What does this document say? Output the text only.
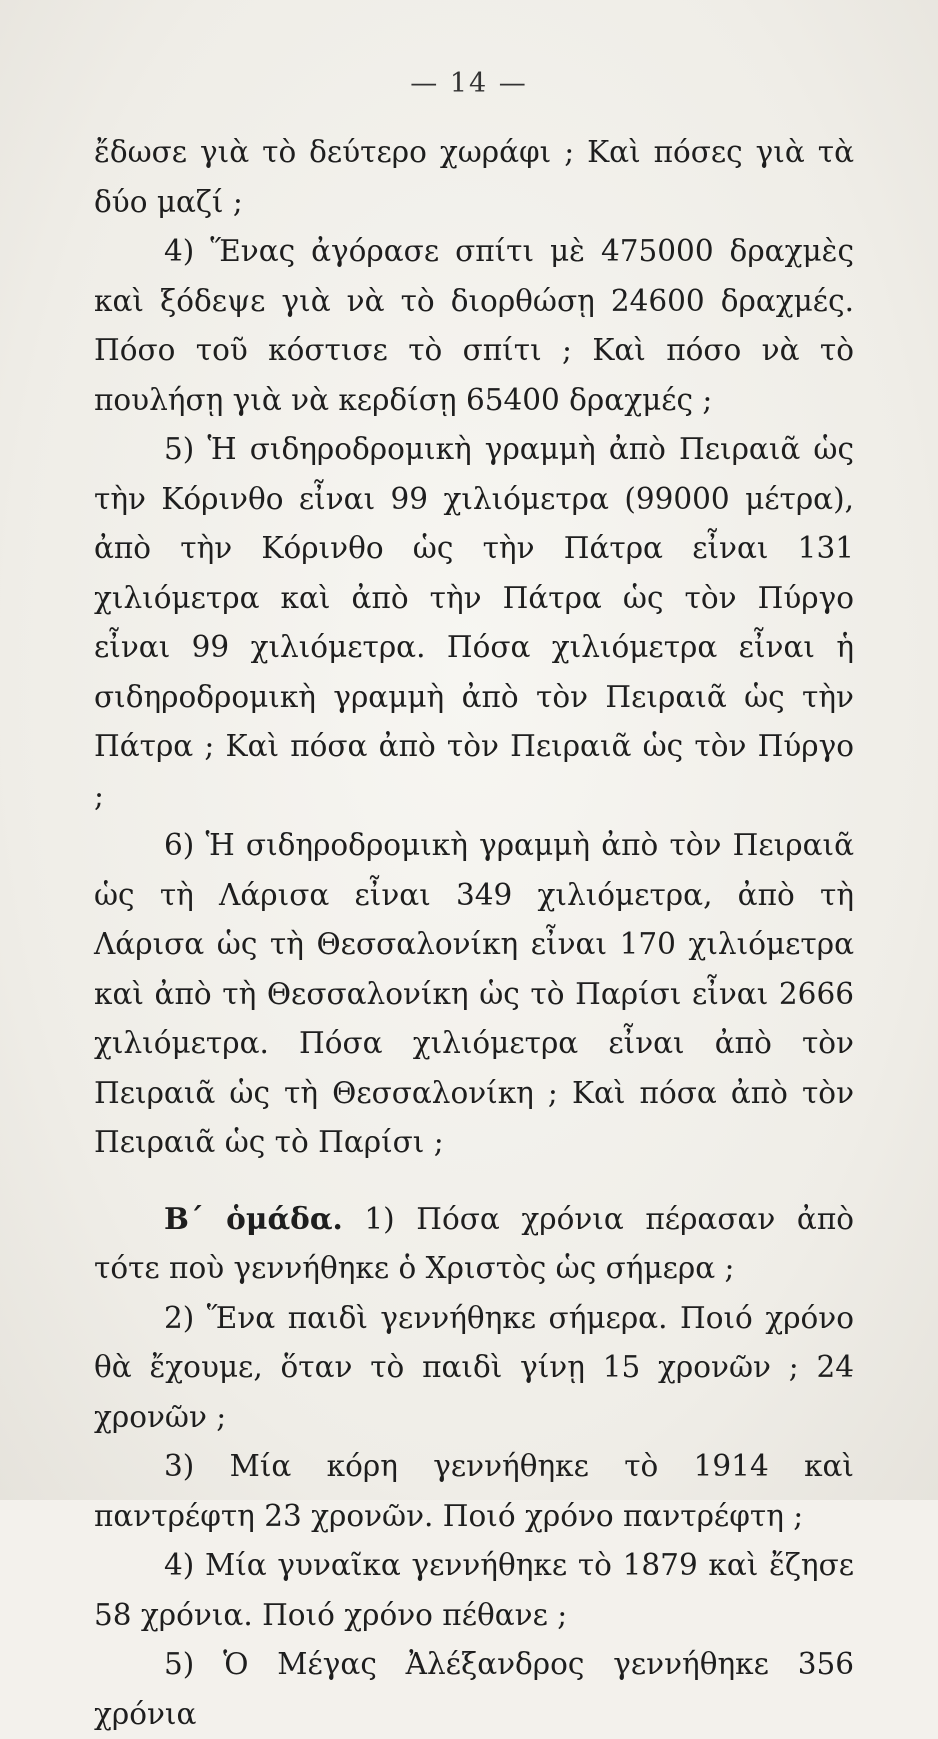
— 14 —

ἔδωσε γιὰ τὸ δεύτερο χωράφι ; Καὶ πόσες γιὰ τὰ δύο μαζί ;

4) Ἕνας ἀγόρασε σπίτι μὲ 475000 δραχμὲς καὶ ξόδεψε γιὰ νὰ τὸ διορθώσῃ 24600 δραχμές. Πόσο τοῦ κόστισε τὸ σπίτι ; Καὶ πόσο νὰ τὸ πουλήσῃ γιὰ νὰ κερδίσῃ 65400 δραχμές ;

5) Ἡ σιδηροδρομικὴ γραμμὴ ἀπὸ Πειραιᾶ ὡς τὴν Κόρινθο εἶναι 99 χιλιόμετρα (99000 μέτρα), ἀπὸ τὴν Κόρινθο ὡς τὴν Πάτρα εἶναι 131 χιλιόμετρα καὶ ἀπὸ τὴν Πάτρα ὡς τὸν Πύργο εἶναι 99 χιλιόμετρα. Πόσα χιλιόμετρα εἶναι ἡ σιδηροδρομικὴ γραμμὴ ἀπὸ τὸν Πειραιᾶ ὡς τὴν Πάτρα ; Καὶ πόσα ἀπὸ τὸν Πειραιᾶ ὡς τὸν Πύργο ;

6) Ἡ σιδηροδρομικὴ γραμμὴ ἀπὸ τὸν Πειραιᾶ ὡς τὴ Λάρισα εἶναι 349 χιλιόμετρα, ἀπὸ τὴ Λάρισα ὡς τὴ Θεσσαλονίκη εἶναι 170 χιλιόμετρα καὶ ἀπὸ τὴ Θεσσαλονίκη ὡς τὸ Παρίσι εἶναι 2666 χιλιόμετρα. Πόσα χιλιόμετρα εἶναι ἀπὸ τὸν Πειραιᾶ ὡς τὴ Θεσσαλονίκη ; Καὶ πόσα ἀπὸ τὸν Πειραιᾶ ὡς τὸ Παρίσι ;

Β΄ ὁμάδα. 1) Πόσα χρόνια πέρασαν ἀπὸ τότε ποὺ γεννήθηκε ὁ Χριστὸς ὡς σήμερα ;

2) Ἕνα παιδὶ γεννήθηκε σήμερα. Ποιό χρόνο θὰ ἔχουμε, ὅταν τὸ παιδὶ γίνῃ 15 χρονῶν ; 24 χρονῶν ;

3) Μία κόρη γεννήθηκε τὸ 1914 καὶ παντρέφτη 23 χρονῶν. Ποιό χρόνο παντρέφτη ;

4) Μία γυναῖκα γεννήθηκε τὸ 1879 καὶ ἔζησε 58 χρόνια. Ποιό χρόνο πέθανε ;

5) Ὁ Μέγας Ἀλέξανδρος γεννήθηκε 356 χρόνια
